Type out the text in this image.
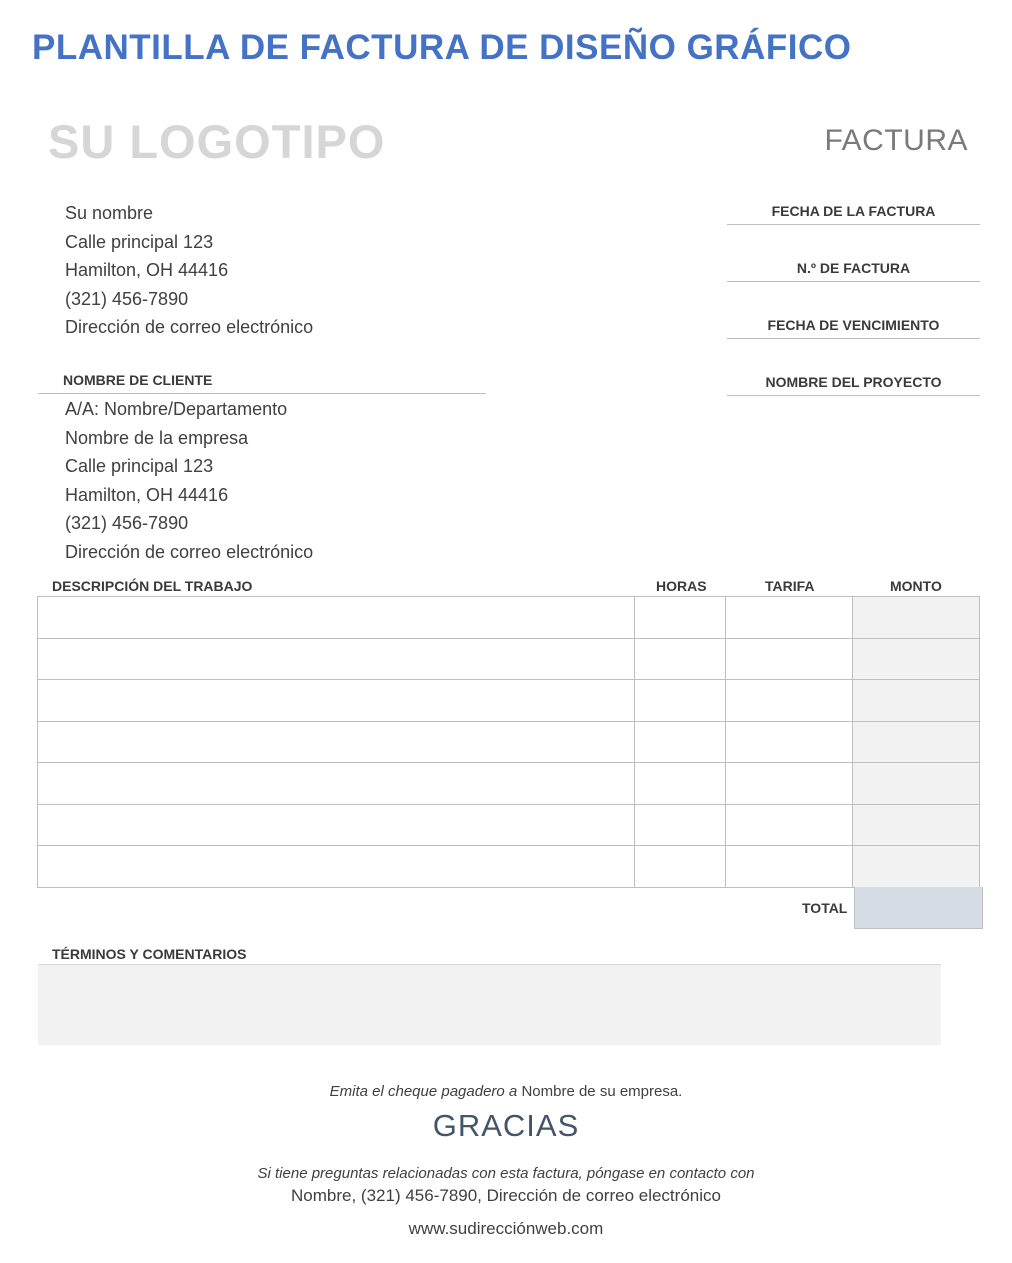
PLANTILLA DE FACTURA DE DISEÑO GRÁFICO
SU LOGOTIPO	FACTURA
Su nombre
Calle principal 123
Hamilton, OH 44416
(321) 456-7890
Dirección de correo electrónico
FECHA DE LA FACTURA
N.º DE FACTURA
FECHA DE VENCIMIENTO
NOMBRE DEL PROYECTO
NOMBRE DE CLIENTE
A/A: Nombre/Departamento
Nombre de la empresa
Calle principal 123
Hamilton, OH 44416
(321) 456-7890
Dirección de correo electrónico
DESCRIPCIÓN DEL TRABAJO	HORAS	TARIFA	MONTO

TOTAL
TÉRMINOS Y COMENTARIOS
Emita el cheque pagadero a Nombre de su empresa.
GRACIAS
Si tiene preguntas relacionadas con esta factura, póngase en contacto con
Nombre, (321) 456-7890, Dirección de correo electrónico
www.sudirecciónweb.com
